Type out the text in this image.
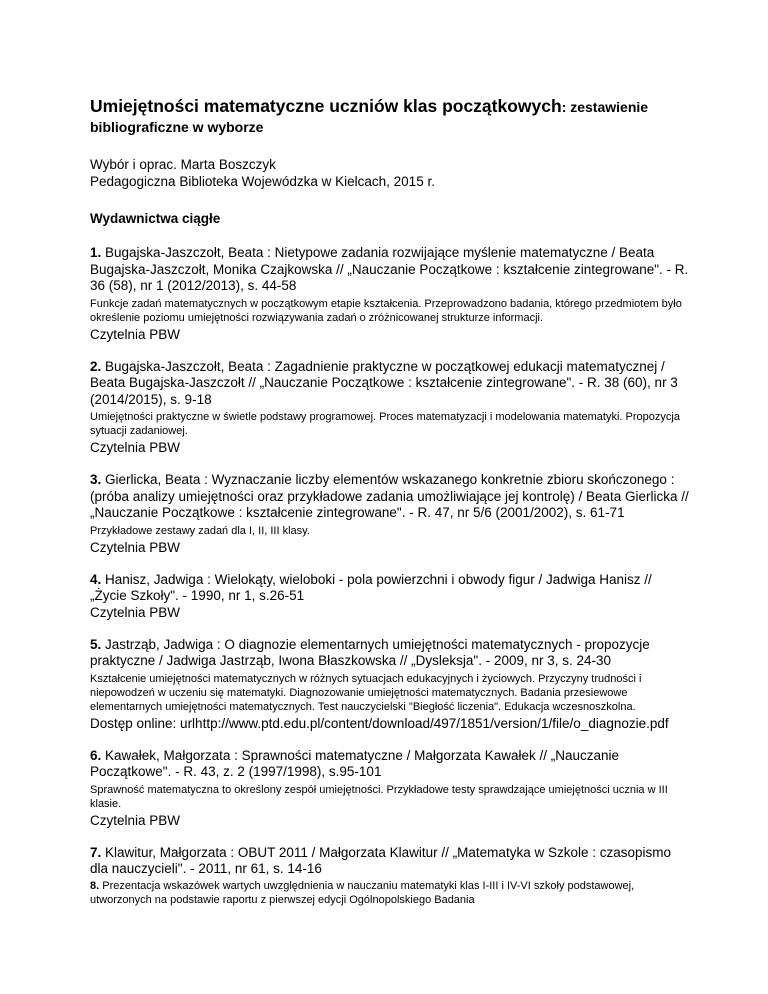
Umiejętności matematyczne uczniów klas początkowych: zestawienie

bibliograficzne w wyborze

Wybór i oprac. Marta Boszczyk

Pedagogiczna Biblioteka Wojewódzka w Kielcach, 2015 r.

Wydawnictwa ciągłe

1. Bugajska-Jaszczołt, Beata : Nietypowe zadania rozwijające myślenie matematyczne / Beata Bugajska-Jaszczołt, Monika Czajkowska // „Nauczanie Początkowe : kształcenie zintegrowane". - R. 36 (58), nr 1 (2012/2013), s. 44-58

Funkcje zadań matematycznych w początkowym etapie kształcenia. Przeprowadzono badania, którego przedmiotem było określenie poziomu umiejętności rozwiązywania zadań o zróżnicowanej strukturze informacji.

Czytelnia PBW

2. Bugajska-Jaszczołt, Beata : Zagadnienie praktyczne w początkowej edukacji matematycznej / Beata Bugajska-Jaszczołt // „Nauczanie Początkowe : kształcenie zintegrowane". - R. 38 (60), nr 3 (2014/2015), s. 9-18

Umiejętności praktyczne w świetle podstawy programowej. Proces matematyzacji i modelowania matematyki. Propozycja sytuacji zadaniowej.

Czytelnia PBW

3. Gierlicka, Beata : Wyznaczanie liczby elementów wskazanego konkretnie zbioru skończonego : (próba analizy umiejętności oraz przykładowe zadania umożliwiające jej kontrolę) / Beata Gierlicka // „Nauczanie Początkowe : kształcenie zintegrowane". - R. 47, nr 5/6 (2001/2002), s. 61-71

Przykładowe zestawy zadań dla I, II, III klasy.

Czytelnia PBW

4. Hanisz, Jadwiga : Wielokąty, wieloboki - pola powierzchni i obwody figur / Jadwiga Hanisz // „Życie Szkoły". - 1990, nr 1, s.26-51

Czytelnia PBW

5. Jastrząb, Jadwiga : O diagnozie elementarnych umiejętności matematycznych - propozycje praktyczne / Jadwiga Jastrząb, Iwona Błaszkowska // „Dysleksja". - 2009, nr 3, s. 24-30

Kształcenie umiejętności matematycznych w różnych sytuacjach edukacyjnych i życiowych. Przyczyny trudności i niepowodzeń w uczeniu się matematyki. Diagnozowanie umiejętności matematycznych. Badania przesiewowe elementarnych umiejętności matematycznych. Test nauczycielski "Biegłość liczenia". Edukacja wczesnoszkolna.

Dostęp online: urlhttp://www.ptd.edu.pl/content/download/497/1851/version/1/file/o_diagnozie.pdf

6. Kawałek, Małgorzata : Sprawności matematyczne / Małgorzata Kawałek // „Nauczanie Początkowe". - R. 43, z. 2 (1997/1998), s.95-101

Sprawność matematyczna to określony zespół umiejętności. Przykładowe testy sprawdzające umiejętności ucznia w III klasie.

Czytelnia PBW

7. Klawitur, Małgorzata : OBUT 2011 / Małgorzata Klawitur // „Matematyka w Szkole : czasopismo dla nauczycieli". - 2011, nr 61, s. 14-16

8. Prezentacja wskazówek wartych uwzględnienia w nauczaniu matematyki klas I-III i IV-VI szkoły podstawowej, utworzonych na podstawie raportu z pierwszej edycji Ogólnopolskiego Badania
